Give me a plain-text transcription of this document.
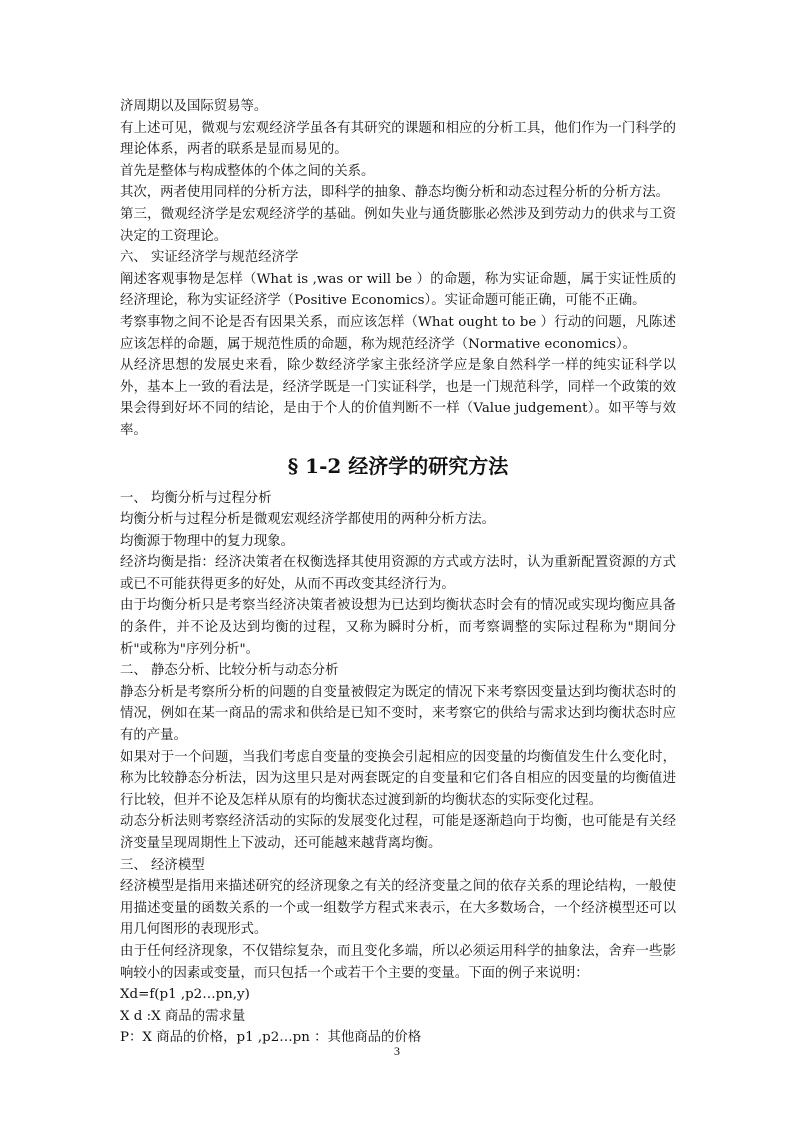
济周期以及国际贸易等。

有上述可见，微观与宏观经济学虽各有其研究的课题和相应的分析工具，他们作为一门科学的理论体系，两者的联系是显而易见的。

首先是整体与构成整体的个体之间的关系。

其次，两者使用同样的分析方法，即科学的抽象、静态均衡分析和动态过程分析的分析方法。

第三，微观经济学是宏观经济学的基础。例如失业与通货膨胀必然涉及到劳动力的供求与工资决定的工资理论。

六、 实证经济学与规范经济学

阐述客观事物是怎样（What is ,was or will be ）的命题，称为实证命题，属于实证性质的经济理论，称为实证经济学（Positive Economics）。实证命题可能正确，可能不正确。

考察事物之间不论是否有因果关系，而应该怎样（What ought to be ）行动的问题，凡陈述应该怎样的命题，属于规范性质的命题，称为规范经济学（Normative economics）。

从经济思想的发展史来看，除少数经济学家主张经济学应是象自然科学一样的纯实证科学以外，基本上一致的看法是，经济学既是一门实证科学，也是一门规范科学，同样一个政策的效果会得到好坏不同的结论，是由于个人的价值判断不一样（Value judgement）。如平等与效率。

§ 1-2 经济学的研究方法

一、 均衡分析与过程分析

均衡分析与过程分析是微观宏观经济学都使用的两种分析方法。

均衡源于物理中的复力现象。

经济均衡是指：经济决策者在权衡选择其使用资源的方式或方法时，认为重新配置资源的方式或已不可能获得更多的好处，从而不再改变其经济行为。

由于均衡分析只是考察当经济决策者被设想为已达到均衡状态时会有的情况或实现均衡应具备的条件，并不论及达到均衡的过程，又称为瞬时分析，而考察调整的实际过程称为"期间分析"或称为"序列分析"。

二、 静态分析、比较分析与动态分析

静态分析是考察所分析的问题的自变量被假定为既定的情况下来考察因变量达到均衡状态时的情况，例如在某一商品的需求和供给是已知不变时，来考察它的供给与需求达到均衡状态时应有的产量。

如果对于一个问题，当我们考虑自变量的变换会引起相应的因变量的均衡值发生什么变化时，称为比较静态分析法，因为这里只是对两套既定的自变量和它们各自相应的因变量的均衡值进行比较，但并不论及怎样从原有的均衡状态过渡到新的均衡状态的实际变化过程。

动态分析法则考察经济活动的实际的发展变化过程，可能是逐渐趋向于均衡，也可能是有关经济变量呈现周期性上下波动，还可能越来越背离均衡。

三、 经济模型

经济模型是指用来描述研究的经济现象之有关的经济变量之间的依存关系的理论结构，一般使用描述变量的函数关系的一个或一组数学方程式来表示，在大多数场合，一个经济模型还可以用几何图形的表现形式。

由于任何经济现象，不仅错综复杂，而且变化多端，所以必须运用科学的抽象法，舍弃一些影响较小的因素或变量，而只包括一个或若干个主要的变量。下面的例子来说明：

Xd=f(p1 ,p2…pn,y)

X d :X 商品的需求量

P：X 商品的价格，p1 ,p2…pn ：其他商品的价格

3
